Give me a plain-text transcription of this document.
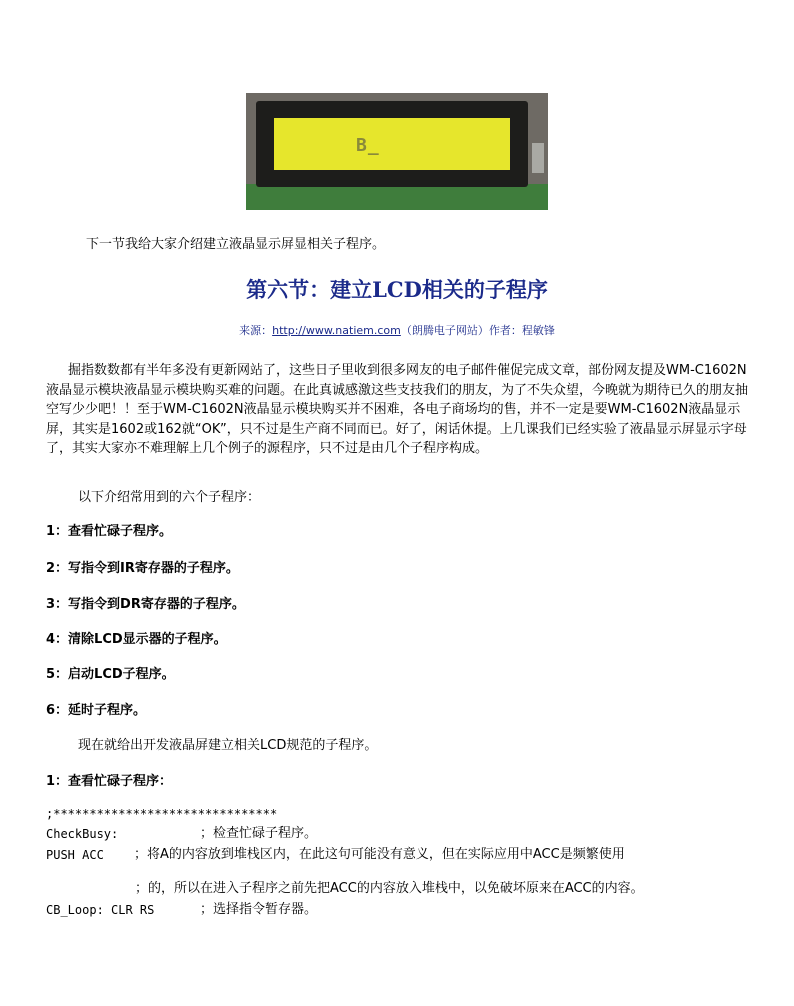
B_

下一节我给大家介绍建立液晶显示屏显相关子程序。

第六节：建立LCD相关的子程序

来源：http://www.natiem.com（朗腾电子网站）作者：程敏锋

掘指数数都有半年多没有更新网站了，这些日子里收到很多网友的电子邮件催促完成文章，部份网友提及WM-C1602N液晶显示模块液晶显示模块购买难的问题。在此真诚感激这些支技我们的朋友，为了不失众望，今晚就为期待已久的朋友抽空写少少吧！！至于WM-C1602N液晶显示模块购买并不困难，各电子商场均的售，并不一定是要WM-C1602N液晶显示屏，其实是1602或162就“OK”，只不过是生产商不同而已。好了，闲话休提。上几课我们已经实验了液晶显示屏显示字母了，其实大家亦不难理解上几个例子的源程序，只不过是由几个子程序构成。

以下介绍常用到的六个子程序：

1：查看忙碌子程序。

2：写指令到IR寄存器的子程序。

3：写指令到DR寄存器的子程序。

4：清除LCD显示器的子程序。

5：启动LCD子程序。

6：延时子程序。

现在就给出开发液晶屏建立相关LCD规范的子程序。

1：查看忙碌子程序：

;*******************************

CheckBusy:	；检查忙碌子程序。

PUSH ACC ；将A的内容放到堆栈区内，在此这句可能没有意义，但在实际应用中ACC是频繁使用

；的，所以在进入子程序之前先把ACC的内容放入堆栈中，以免破坏原来在ACC的内容。

CB_Loop: CLR RS	；选择指令暂存器。
